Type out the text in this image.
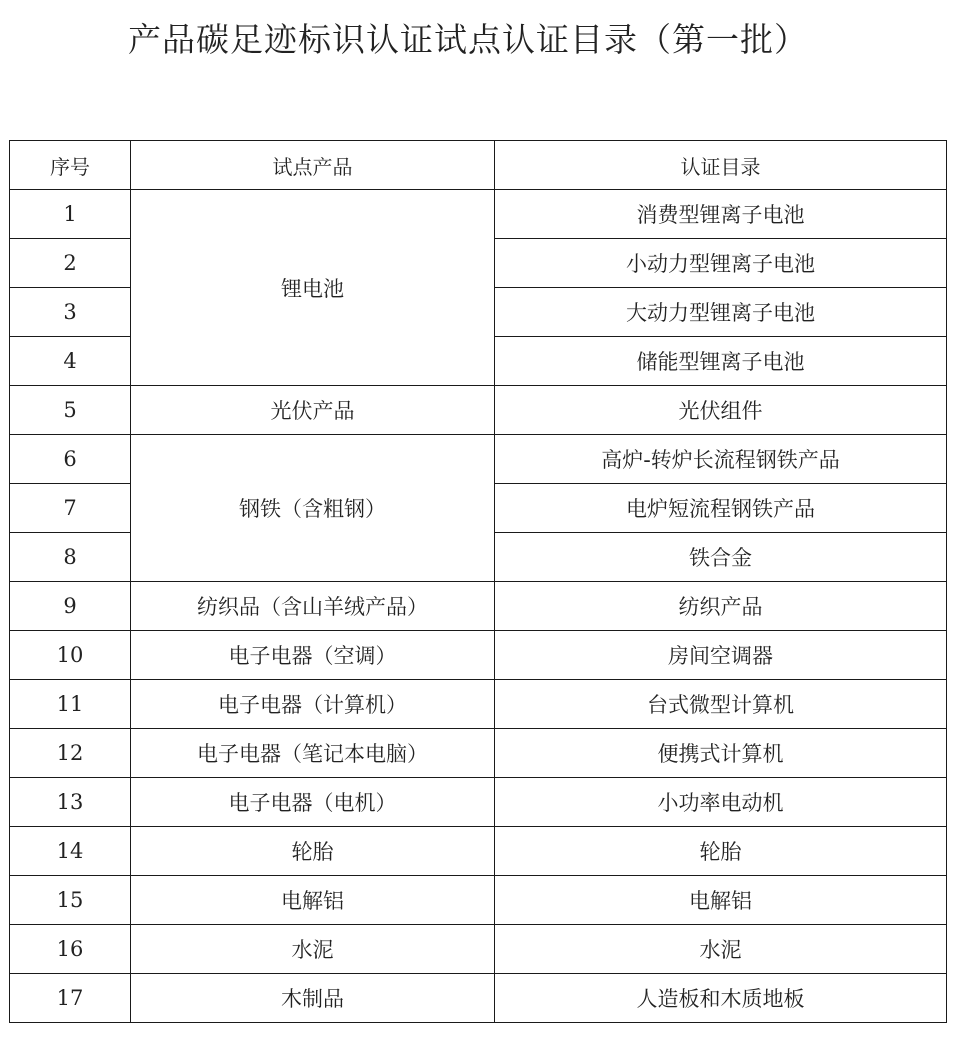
产品碳足迹标识认证试点认证目录（第一批）
序号	试点产品	认证目录
1	锂电池	消费型锂离子电池
2		小动力型锂离子电池
3		大动力型锂离子电池
4		储能型锂离子电池
5	光伏产品	光伏组件
6	钢铁（含粗钢）	高炉-转炉长流程钢铁产品
7		电炉短流程钢铁产品
8		铁合金
9	纺织品（含山羊绒产品）	纺织产品
10	电子电器（空调）	房间空调器
11	电子电器（计算机）	台式微型计算机
12	电子电器（笔记本电脑）	便携式计算机
13	电子电器（电机）	小功率电动机
14	轮胎	轮胎
15	电解铝	电解铝
16	水泥	水泥
17	木制品	人造板和木质地板
